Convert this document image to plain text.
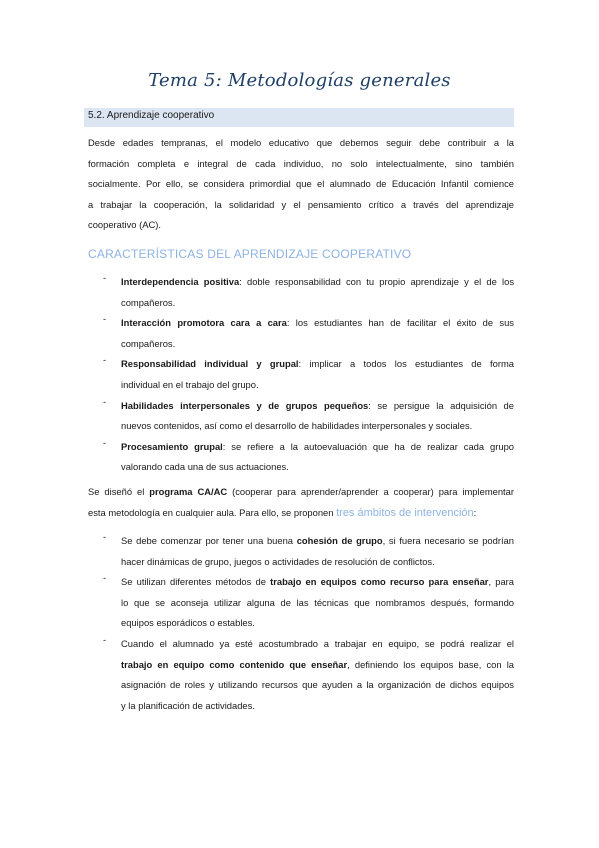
Tema 5: Metodologías generales
5.2. Aprendizaje cooperativo
Desde edades tempranas, el modelo educativo que debemos seguir debe contribuir a la
formación completa e integral de cada individuo, no solo intelectualmente, sino también
socialmente. Por ello, se considera primordial que el alumnado de Educación Infantil comience
a trabajar la cooperación, la solidaridad y el pensamiento crítico a través del aprendizaje
cooperativo (AC).
CARACTERÍSTICAS DEL APRENDIZAJE COOPERATIVO
- Interdependencia positiva: doble responsabilidad con tu propio aprendizaje y el de los
compañeros.
- Interacción promotora cara a cara: los estudiantes han de facilitar el éxito de sus
compañeros.
- Responsabilidad individual y grupal: implicar a todos los estudiantes de forma
individual en el trabajo del grupo.
- Habilidades interpersonales y de grupos pequeños: se persigue la adquisición de
nuevos contenidos, así como el desarrollo de habilidades interpersonales y sociales.
- Procesamiento grupal: se refiere a la autoevaluación que ha de realizar cada grupo
valorando cada una de sus actuaciones.
Se diseñó el programa CA/AC (cooperar para aprender/aprender a cooperar) para implementar
esta metodología en cualquier aula. Para ello, se proponen tres ámbitos de intervención:
- Se debe comenzar por tener una buena cohesión de grupo, si fuera necesario se podrían
hacer dinámicas de grupo, juegos o actividades de resolución de conflictos.
- Se utilizan diferentes métodos de trabajo en equipos como recurso para enseñar, para
lo que se aconseja utilizar alguna de las técnicas que nombramos después, formando
equipos esporádicos o estables.
- Cuando el alumnado ya esté acostumbrado a trabajar en equipo, se podrá realizar el
trabajo en equipo como contenido que enseñar, definiendo los equipos base, con la
asignación de roles y utilizando recursos que ayuden a la organización de dichos equipos
y la planificación de actividades.
